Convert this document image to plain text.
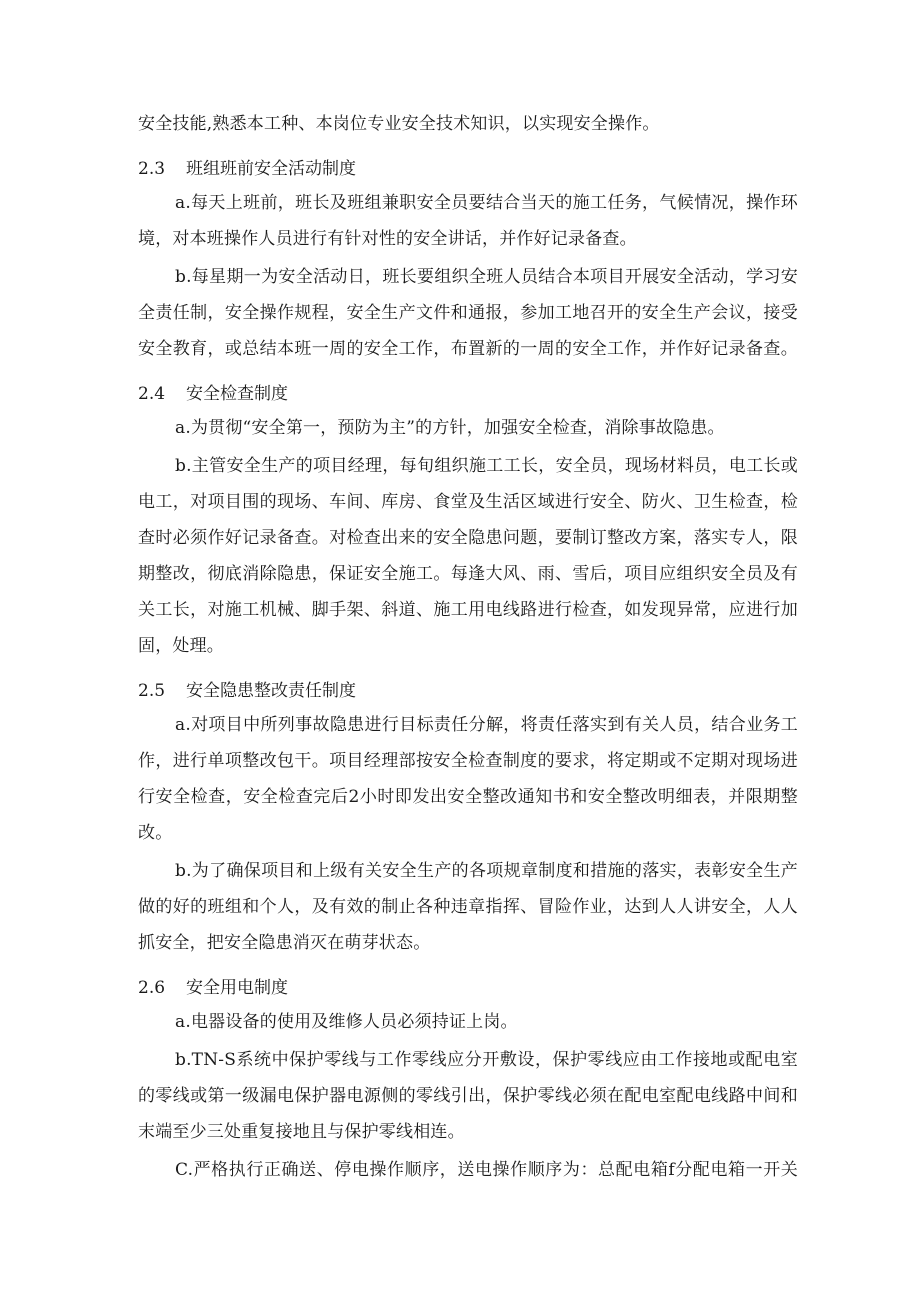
安全技能,熟悉本工种、本岗位专业安全技术知识，以实现安全操作。
2.3 班组班前安全活动制度
a.每天上班前，班长及班组兼职安全员要结合当天的施工任务，气候情况，操作环
境，对本班操作人员进行有针对性的安全讲话，并作好记录备查。
b.每星期一为安全活动日，班长要组织全班人员结合本项目开展安全活动，学习安
全责任制，安全操作规程，安全生产文件和通报，参加工地召开的安全生产会议，接受
安全教育，或总结本班一周的安全工作，布置新的一周的安全工作，并作好记录备查。
2.4 安全检查制度
a.为贯彻“安全第一，预防为主”的方针，加强安全检查，消除事故隐患。
b.主管安全生产的项目经理，每旬组织施工工长，安全员，现场材料员，电工长或
电工，对项目围的现场、车间、库房、食堂及生活区域进行安全、防火、卫生检查，检
查时必须作好记录备查。对检查出来的安全隐患问题，要制订整改方案，落实专人，限
期整改，彻底消除隐患，保证安全施工。每逢大风、雨、雪后，项目应组织安全员及有
关工长，对施工机械、脚手架、斜道、施工用电线路进行检查，如发现异常，应进行加
固，处理。
2.5 安全隐患整改责任制度
a.对项目中所列事故隐患进行目标责任分解，将责任落实到有关人员，结合业务工
作，进行单项整改包干。项目经理部按安全检查制度的要求，将定期或不定期对现场进
行安全检查，安全检查完后2小时即发出安全整改通知书和安全整改明细表，并限期整
改。
b.为了确保项目和上级有关安全生产的各项规章制度和措施的落实，表彰安全生产
做的好的班组和个人，及有效的制止各种违章指挥、冒险作业，达到人人讲安全，人人
抓安全，把安全隐患消灭在萌芽状态。
2.6 安全用电制度
a.电器设备的使用及维修人员必须持证上岗。
b.TN-S系统中保护零线与工作零线应分开敷设，保护零线应由工作接地或配电室
的零线或第一级漏电保护器电源侧的零线引出，保护零线必须在配电室配电线路中间和
末端至少三处重复接地且与保护零线相连。
C.严格执行正确送、停电操作顺序，送电操作顺序为：总配电箱f分配电箱一开关
